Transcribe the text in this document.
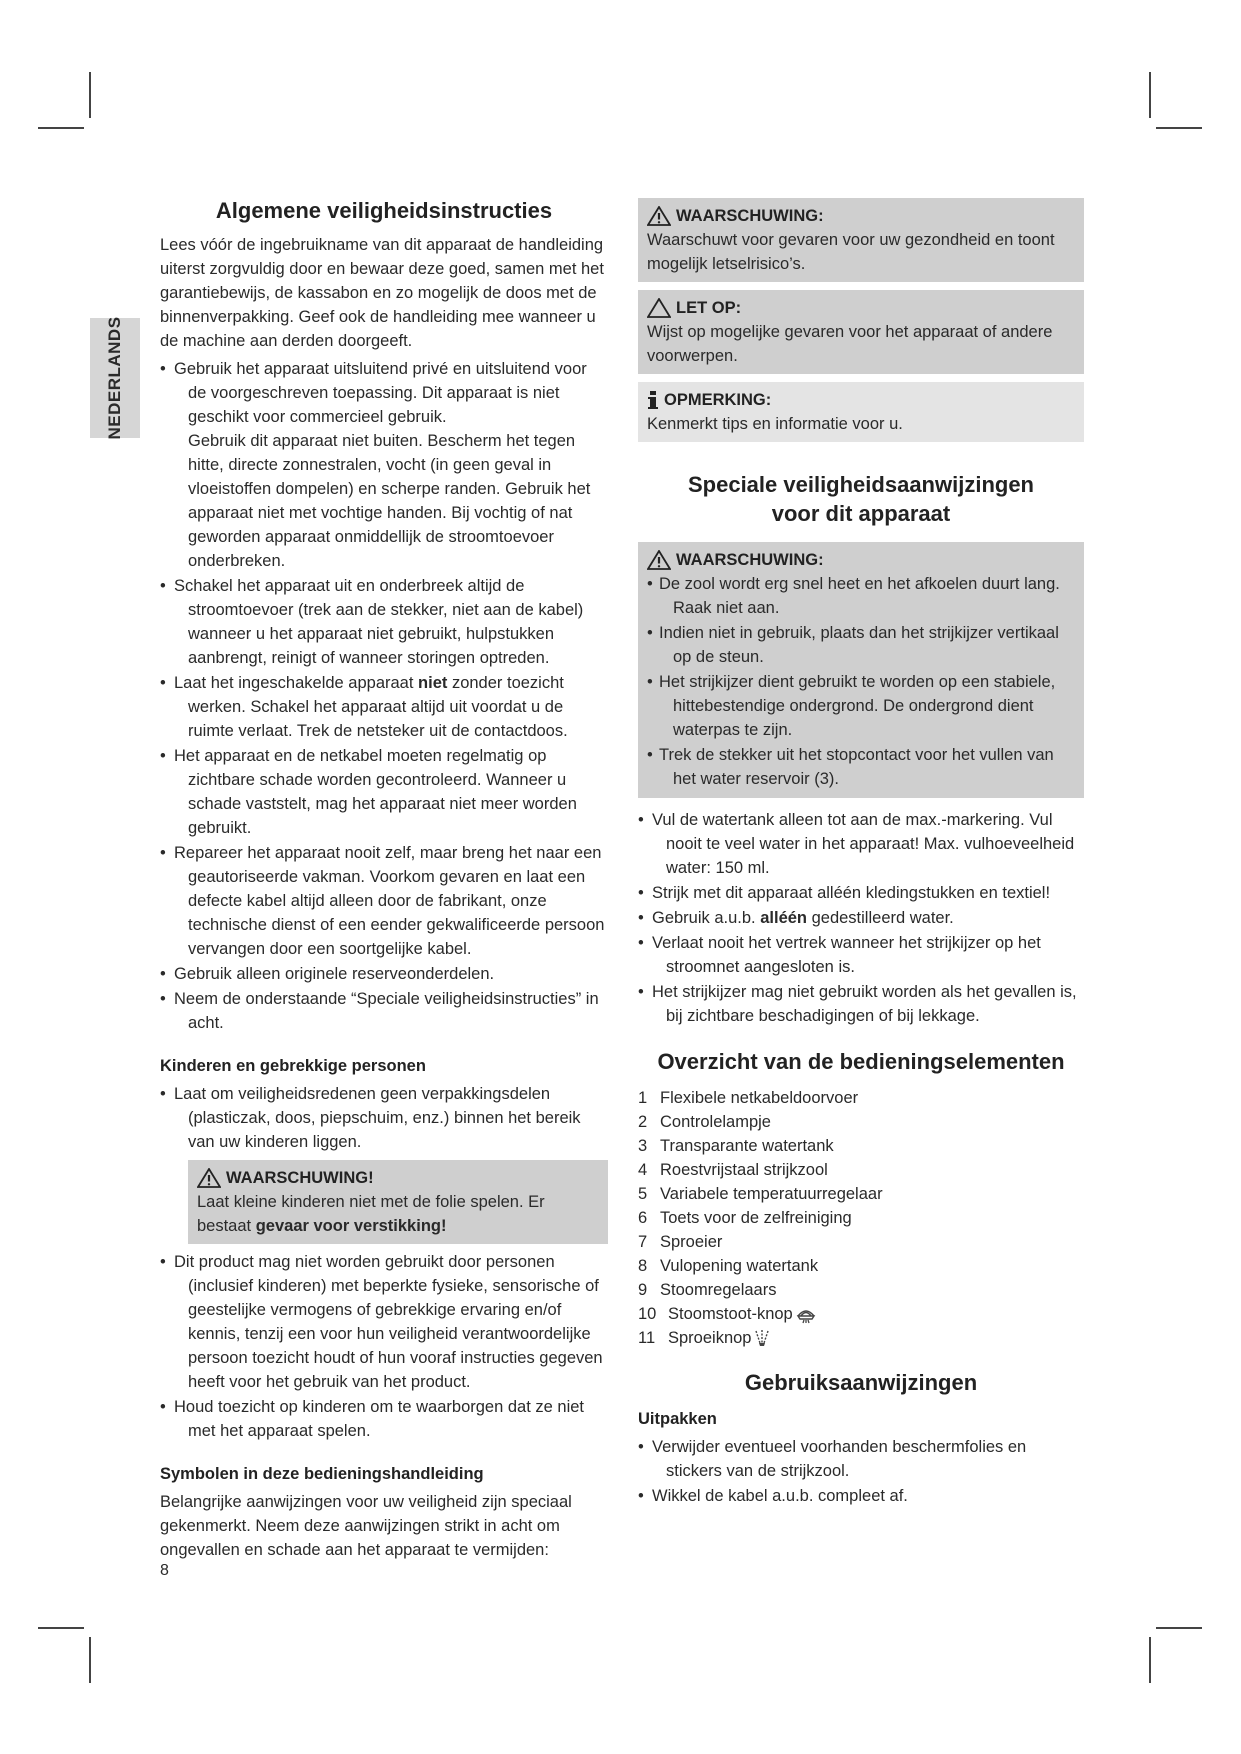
NEDERLANDS
Algemene veiligheidsinstructies

Lees vóór de ingebruikname van dit apparaat de handleiding uiterst zorgvuldig door en bewaar deze goed, samen met het garantiebewijs, de kassabon en zo mogelijk de doos met de binnenverpakking. Geef ook de handleiding mee wanneer u de machine aan derden doorgeeft.

• Gebruik het apparaat uitsluitend privé en uitsluitend voor de voorgeschreven toepassing. Dit apparaat is niet geschikt voor commercieel gebruik.

Gebruik dit apparaat niet buiten. Bescherm het tegen hitte, directe zonnestralen, vocht (in geen geval in vloeistoffen dompelen) en scherpe randen. Gebruik het apparaat niet met vochtige handen. Bij vochtig of nat geworden apparaat onmiddellijk de stroomtoevoer onderbreken.

• Schakel het apparaat uit en onderbreek altijd de stroomtoevoer (trek aan de stekker, niet aan de kabel) wanneer u het apparaat niet gebruikt, hulpstukken aanbrengt, reinigt of wanneer storingen optreden.
• Laat het ingeschakelde apparaat niet zonder toezicht werken. Schakel het apparaat altijd uit voordat u de ruimte verlaat. Trek de netsteker uit de contactdoos.
• Het apparaat en de netkabel moeten regelmatig op zichtbare schade worden gecontroleerd. Wanneer u schade vaststelt, mag het apparaat niet meer worden gebruikt.
• Repareer het apparaat nooit zelf, maar breng het naar een geautoriseerde vakman. Voorkom gevaren en laat een defecte kabel altijd alleen door de fabrikant, onze technische dienst of een eender gekwalificeerde persoon vervangen door een soortgelijke kabel.
• Gebruik alleen originele reserveonderdelen.
• Neem de onderstaande “Speciale veiligheidsinstructies” in acht.
Kinderen en gebrekkige personen
• Laat om veiligheidsredenen geen verpakkingsdelen (plasticzak, doos, piepschuim, enz.) binnen het bereik van uw kinderen liggen.
WAARSCHUWING!

Laat kleine kinderen niet met de folie spelen. Er bestaat gevaar voor verstikking!

• Dit product mag niet worden gebruikt door personen (inclusief kinderen) met beperkte fysieke, sensorische of geestelijke vermogens of gebrekkige ervaring en/of kennis, tenzij een voor hun veiligheid verantwoordelijke persoon toezicht houdt of hun vooraf instructies gegeven heeft voor het gebruik van het product.
• Houd toezicht op kinderen om te waarborgen dat ze niet met het apparaat spelen.
Symbolen in deze bedieningshandleiding

Belangrijke aanwijzingen voor uw veiligheid zijn speciaal gekenmerkt. Neem deze aanwijzingen strikt in acht om ongevallen en schade aan het apparaat te vermijden:

WAARSCHUWING:

Waarschuwt voor gevaren voor uw gezondheid en toont mogelijk letselrisico’s.

LET OP:

Wijst op mogelijke gevaren voor het apparaat of andere voorwerpen.

OPMERKING:

Kenmerkt tips en informatie voor u.

Speciale veiligheidsaanwijzingen
voor dit apparaat
WAARSCHUWING:
• De zool wordt erg snel heet en het afkoelen duurt lang. Raak niet aan.
• Indien niet in gebruik, plaats dan het strijkijzer vertikaal op de steun.
• Het strijkijzer dient gebruikt te worden op een stabiele, hittebestendige ondergrond. De ondergrond dient waterpas te zijn.
• Trek de stekker uit het stopcontact voor het vullen van het water reservoir (3).
• Vul de watertank alleen tot aan de max.-markering. Vul nooit te veel water in het apparaat! Max. vulhoeveelheid water: 150 ml.
• Strijk met dit apparaat alléén kledingstukken en textiel!
• Gebruik a.u.b. alléén gedestilleerd water.
• Verlaat nooit het vertrek wanneer het strijkijzer op het stroomnet aangesloten is.
• Het strijkijzer mag niet gebruikt worden als het gevallen is, bij zichtbare beschadigingen of bij lekkage.
Overzicht van de bedieningselementen
1 Flexibele netkabeldoorvoer
2 Controlelampje
3 Transparante watertank
4 Roestvrijstaal strijkzool
5 Variabele temperatuurregelaar
6 Toets voor de zelfreiniging
7 Sproeier
8 Vulopening watertank
9 Stoomregelaars
10 Stoomstoot-knop
11 Sproeiknop
Gebruiksaanwijzingen
Uitpakken
• Verwijder eventueel voorhanden beschermfolies en stickers van de strijkzool.
• Wikkel de kabel a.u.b. compleet af.
8
